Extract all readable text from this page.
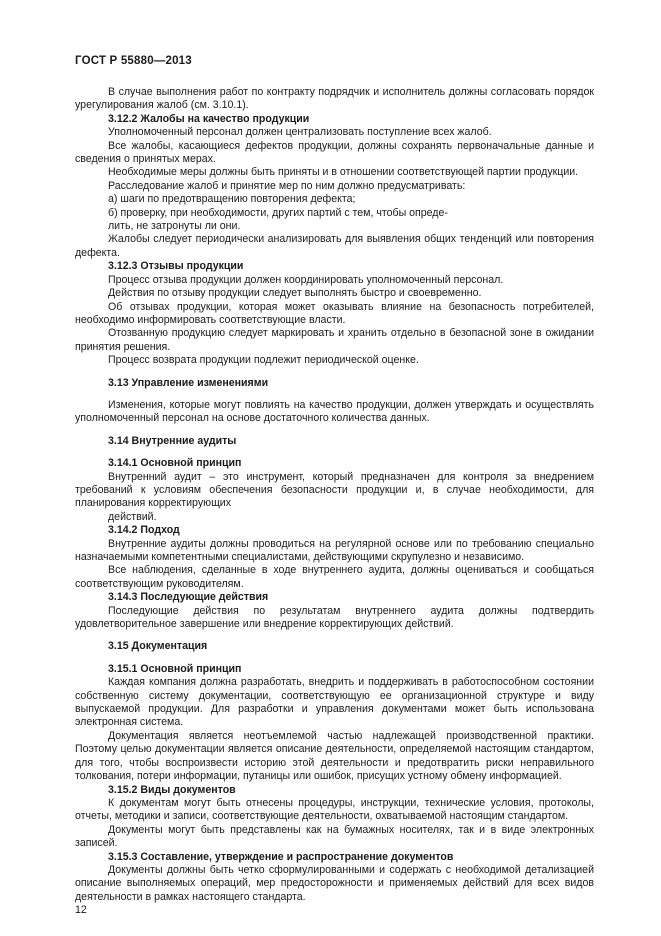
ГОСТ Р 55880—2013

В случае выполнения работ по контракту подрядчик и исполнитель должны согласовать порядок урегулирования жалоб (см. 3.10.1).

3.12.2 Жалобы на качество продукции

Уполномоченный персонал должен централизовать поступление всех жалоб.

Все жалобы, касающиеся дефектов продукции, должны сохранять первоначальные данные и сведения о принятых мерах.

Необходимые меры должны быть приняты и в отношении соответствующей партии продукции.

Расследование жалоб и принятие мер по ним должно предусматривать:

а) шаги по предотвращению повторения дефекта;

б) проверку, при необходимости, других партий с тем, чтобы опреде-

лить, не затронуты ли они.

Жалобы следует периодически анализировать для выявления общих тенденций или повторения дефекта.

3.12.3 Отзывы продукции

Процесс отзыва продукции должен координировать уполномоченный персонал.

Действия по отзыву продукции следует выполнять быстро и своевременно.

Об отзывах продукции, которая может оказывать влияние на безопасность потребителей, необходимо информировать соответствующие власти.

Отозванную продукцию следует маркировать и хранить отдельно в безопасной зоне в ожидании принятия решения.

Процесс возврата продукции подлежит периодической оценке.

3.13 Управление изменениями

Изменения, которые могут повлиять на качество продукции, должен утверждать и осуществлять уполномоченный персонал на основе достаточного количества данных.

3.14 Внутренние аудиты

3.14.1 Основной принцип

Внутренний аудит – это инструмент, который предназначен для контроля за внедрением требований к условиям обеспечения безопасности продукции и, в случае необходимости, для планирования корректирующих

действий.

3.14.2 Подход

Внутренние аудиты должны проводиться на регулярной основе или по требованию специально назначаемыми компетентными специалистами, действующими скрупулезно и независимо.

Все наблюдения, сделанные в ходе внутреннего аудита, должны оцениваться и сообщаться соответствующим руководителям.

3.14.3 Последующие действия

Последующие действия по результатам внутреннего аудита должны подтвердить удовлетворительное завершение или внедрение корректирующих действий.

3.15 Документация

3.15.1 Основной принцип

Каждая компания должна разработать, внедрить и поддерживать в работоспособном состоянии собственную систему документации, соответствующую ее организационной структуре и виду выпускаемой продукции. Для разработки и управления документами может быть использована электронная система.

Документация является неотъемлемой частью надлежащей производственной практики. Поэтому целью документации является описание деятельности, определяемой настоящим стандартом, для того, чтобы воспроизвести историю этой деятельности и предотвратить риски неправильного толкования, потери информации, путаницы или ошибок, присущих устному обмену информацией.

3.15.2 Виды документов

К документам могут быть отнесены процедуры, инструкции, технические условия, протоколы, отчеты, методики и записи, соответствующие деятельности, охватываемой настоящим стандартом.

Документы могут быть представлены как на бумажных носителях, так и в виде электронных записей.

3.15.3 Составление, утверждение и распространение документов

Документы должны быть четко сформулированными и содержать с необходимой детализацией описание выполняемых операций, мер предосторожности и применяемых действий для всех видов деятельности в рамках настоящего стандарта.

12
